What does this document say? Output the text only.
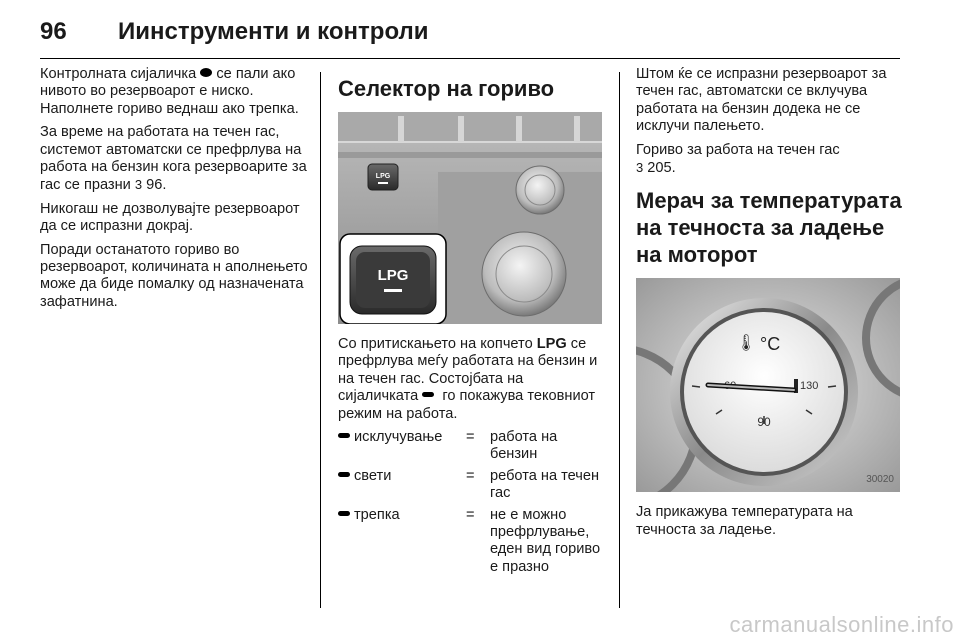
96 Иинструменти и контроли

Контролната сијаличка  се пали ако нивото во резервоарот е ниско. Наполнете гориво веднаш ако трепка.

За време на работата на течен гас, системот автоматски се префрлува на работа на бензин кога резервоарите за гас се празни 3 96.

Никогаш не дозволувајте резервоарот да се испразни докрај.

Поради останатото гориво во резервоарот, количината н аполнењето може да биде помалку од назначената зафатнина.

Селектор на гориво
LPG
LPG

Со притискањето на копчето LPG се префрлува меѓу работата на бензин и на течен гас. Состојбата на сијаличката  го покажува тековниот режим на работа.

исклучување	=	работа на бензин
свети	=	ребота на течен гас
трепка	=	не е можно префрлување, еден вид гориво е празно

Штом ќе се испразни резервоарот за течен гас, автоматски се вклучува работата на бензин додека не се исклучи палењето.

Гориво за работа на течен гас
3 205.

Мерач за температурата на течноста за ладење на моторот
°C
🌡
90
130
30020

Ја прикажува температурата на течноста за ладење.

carmanualsonline.info
